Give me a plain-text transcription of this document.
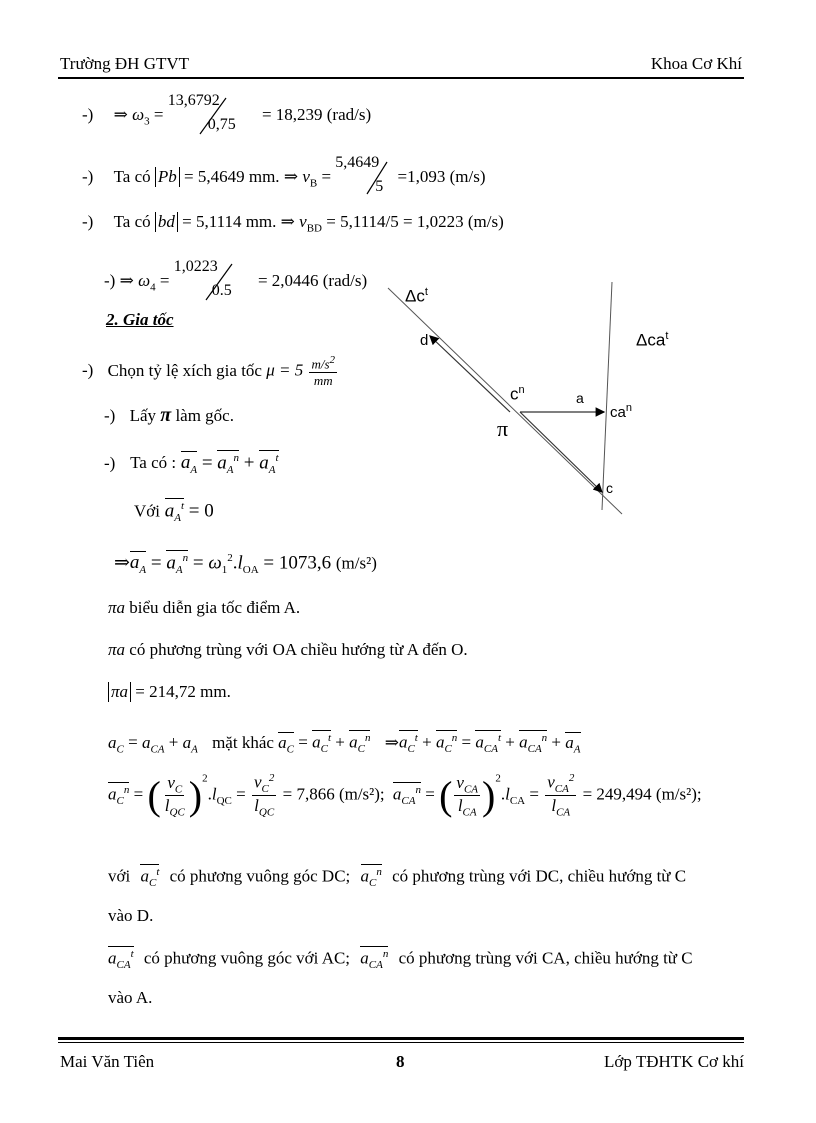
Trường ĐH GTVT	Khoa Cơ Khí
-) ⇒ $\omega_3$ =
13,6792
0,75
= 18,239 (rad/s)
-) Ta có Pb = 5,4649 mm. ⇒ $v_B$ =
5,4649
5
=1,093 (m/s)
-) Ta có bd = 5,1114 mm. ⇒ $v_{BD} = 5,1114/5 = 1,0223$ (m/s)
-) ⇒ $\omega_4$ =
1,0223
0.5
= 2,0446 (rad/s)
2. Gia tốc
-) Chọn tỷ lệ xích gia tốc $\mu = 5 \frac{m/s^2}{mm}$
-) Lấy π làm gốc.
-) Ta có : $a_A = a_A^n + a_A^t$
Với $a_A^t = 0$
$\Rightarrow a_A = a_A^n = \omega_1^2.l_{OA} = 1073,6$ (m/s²)
πa biểu diễn gia tốc điểm A.
πa có phương trùng với OA chiều hướng từ A đến O.
πa = 214,72 mm.
$a_C = a_{CA} + a_A$ mặt khác $a_C = a_C^t + a_C^n$ $\Rightarrow a_C^t + a_C^n = a_{CA}^t + a_{CA}^n + a_A$
$a_C^n$ = ( $v_C$
$l_{QC}$ )$^2.l_{QC}$ =
$v_C^2$
$l_{QC}$
= 7,866 (m/s²); $a_{CA}^n$ = ( $v_{CA}$
$l_{CA}$ )$^2.l_{CA}$ =
$v_{CA}^2$
$l_{CA}$
= 249,494 (m/s²);
với $a_C^t$ có phương vuông góc DC; $a_C^n$ có phương trùng với DC, chiều hướng từ C
vào D.
$a_{CA}^t$ có phương vuông góc với AC; $a_{CA}^n$ có phương trùng với CA, chiều hướng từ C
vào A.
$\Delta c^t$
Δca$^t$
d
$c^n$	a
$ca^n$
π
c
Mai Văn Tiên	8	Lớp TĐHTK Cơ khí
